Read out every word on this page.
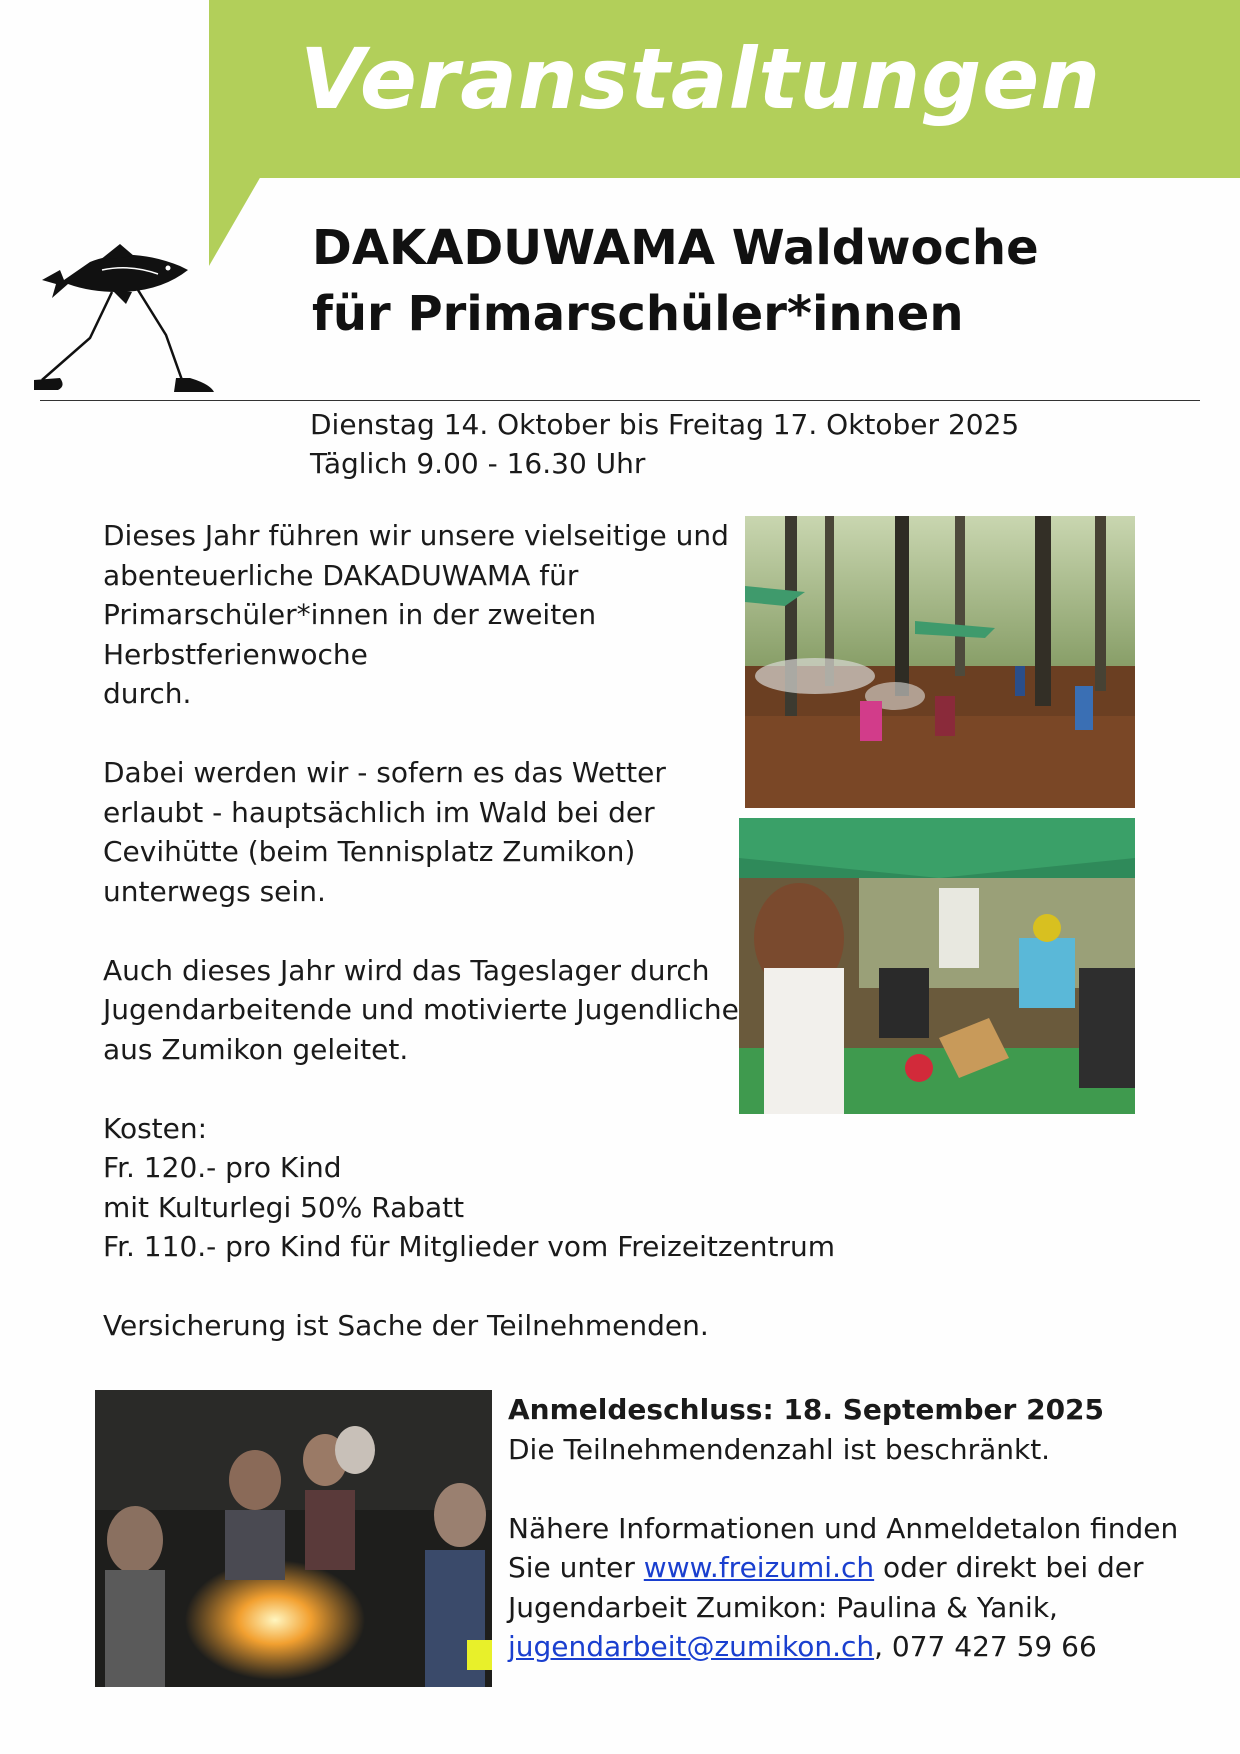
Veranstaltungen
DAKADUWAMA Waldwoche
für Primarschüler*innen
Dienstag 14. Oktober bis Freitag 17. Oktober 2025
Täglich 9.00 - 16.30 Uhr

Dieses Jahr führen wir unsere vielseitige und
abenteuerliche DAKADUWAMA für
Primarschüler*innen in der zweiten
Herbstferienwoche
durch.

Dabei werden wir - sofern es das Wetter
erlaubt - hauptsächlich im Wald bei der
Cevihütte (beim Tennisplatz Zumikon)
unterwegs sein.

Auch dieses Jahr wird das Tageslager durch
Jugendarbeitende und motivierte Jugendliche
aus Zumikon geleitet.

Kosten:
Fr. 120.- pro Kind
mit Kulturlegi 50% Rabatt
Fr. 110.- pro Kind für Mitglieder vom Freizeitzentrum

Versicherung ist Sache der Teilnehmenden.

Anmeldeschluss: 18. September 2025
Die Teilnehmendenzahl ist beschränkt.
Nähere Informationen und Anmeldetalon finden
Sie unter www.freizumi.ch oder direkt bei der
Jugendarbeit Zumikon: Paulina & Yanik,
jugendarbeit@zumikon.ch, 077 427 59 66
